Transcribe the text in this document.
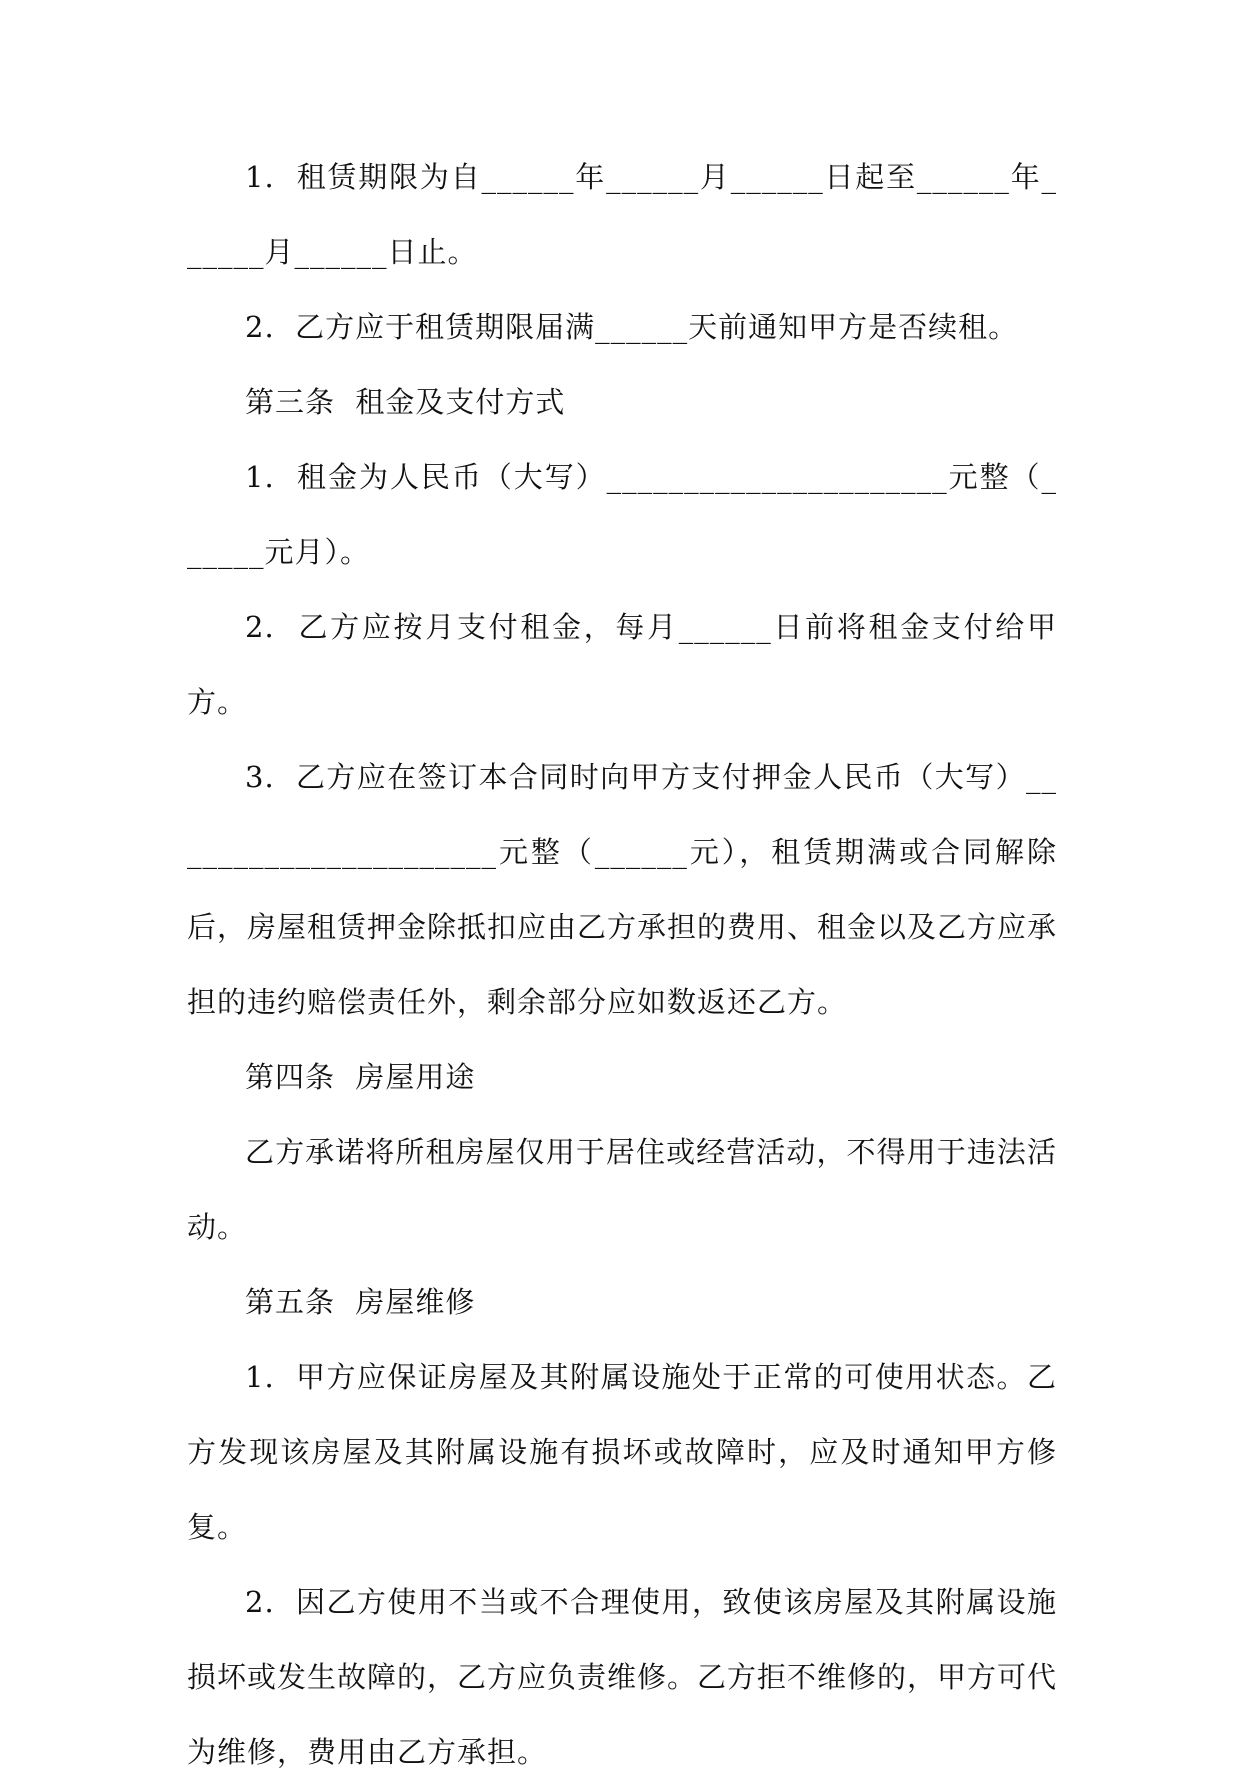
1.  租赁期限为自______年______月______日起至______年______月______日止。

2.  乙方应于租赁期限届满______天前通知甲方是否续租。

第三条  租金及支付方式

1.  租金为人民币（大写）______________________元整（______元月）。

2.  乙方应按月支付租金，每月______日前将租金支付给甲方。

3.  乙方应在签订本合同时向甲方支付押金人民币（大写）______________________元整（______元），租赁期满或合同解除后，房屋租赁押金除抵扣应由乙方承担的费用、租金以及乙方应承担的违约赔偿责任外，剩余部分应如数返还乙方。

第四条  房屋用途

乙方承诺将所租房屋仅用于居住或经营活动，不得用于违法活动。

第五条  房屋维修

1.  甲方应保证房屋及其附属设施处于正常的可使用状态。乙方发现该房屋及其附属设施有损坏或故障时，应及时通知甲方修复。

2.  因乙方使用不当或不合理使用，致使该房屋及其附属设施损坏或发生故障的，乙方应负责维修。乙方拒不维修的，甲方可代为维修，费用由乙方承担。
